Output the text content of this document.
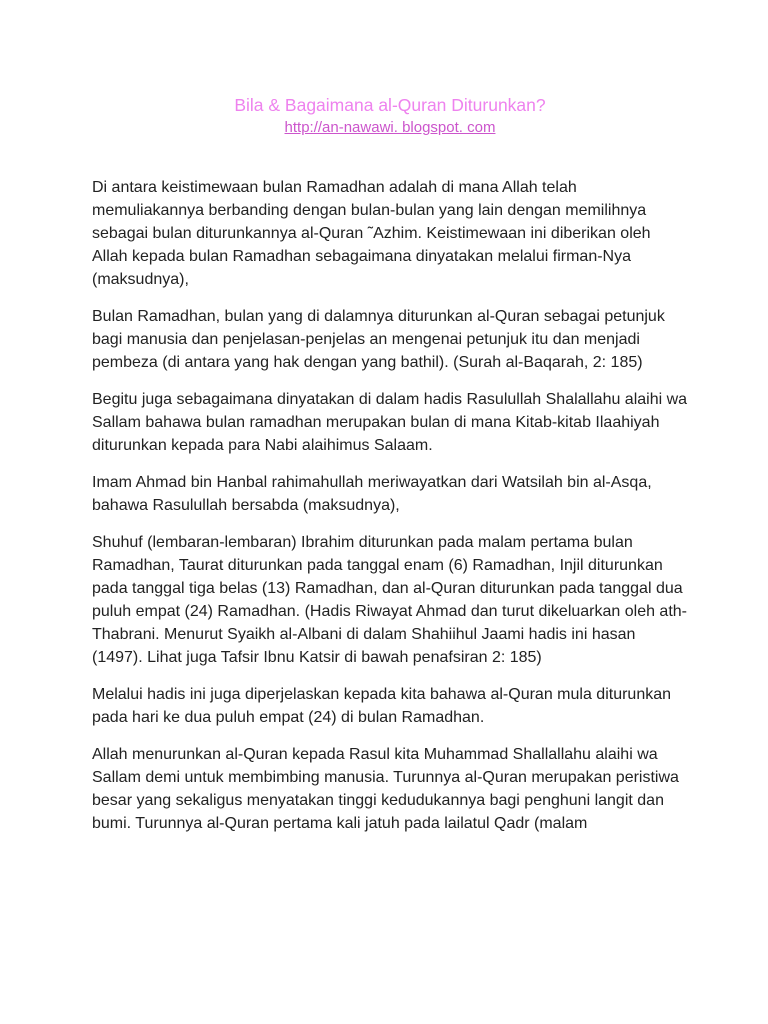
Bila & Bagaimana al-Quran Diturunkan?
http://an-nawawi. blogspot. com

Di antara keistimewaan bulan Ramadhan adalah di mana Allah telah memuliakannya berbanding dengan bulan-bulan yang lain dengan memilihnya sebagai bulan diturunkannya al-Quran ˜Azhim. Keistimewaan ini diberikan oleh Allah kepada bulan Ramadhan sebagaimana dinyatakan melalui firman-Nya (maksudnya),

Bulan Ramadhan, bulan yang di dalamnya diturunkan al-Quran sebagai petunjuk bagi manusia dan penjelasan-penjelas an mengenai petunjuk itu dan menjadi pembeza (di antara yang hak dengan yang bathil). (Surah al-Baqarah, 2: 185)

Begitu juga sebagaimana dinyatakan di dalam hadis Rasulullah Shalallahu alaihi wa Sallam bahawa bulan ramadhan merupakan bulan di mana Kitab-kitab Ilaahiyah diturunkan kepada para Nabi alaihimus Salaam.

Imam Ahmad bin Hanbal rahimahullah meriwayatkan dari Watsilah bin al-Asqa, bahawa Rasulullah bersabda (maksudnya),

Shuhuf (lembaran-lembaran) Ibrahim diturunkan pada malam pertama bulan Ramadhan, Taurat diturunkan pada tanggal enam (6) Ramadhan, Injil diturunkan pada tanggal tiga belas (13) Ramadhan, dan al-Quran diturunkan pada tanggal dua puluh empat (24) Ramadhan. (Hadis Riwayat Ahmad dan turut dikeluarkan oleh ath-Thabrani. Menurut Syaikh al-Albani di dalam Shahiihul Jaami hadis ini hasan (1497). Lihat juga Tafsir Ibnu Katsir di bawah penafsiran 2: 185)

Melalui hadis ini juga diperjelaskan kepada kita bahawa al-Quran mula diturunkan pada hari ke dua puluh empat (24) di bulan Ramadhan.

Allah menurunkan al-Quran kepada Rasul kita Muhammad Shallallahu alaihi wa Sallam demi untuk membimbing manusia. Turunnya al-Quran merupakan peristiwa besar yang sekaligus menyatakan tinggi kedudukannya bagi penghuni langit dan bumi. Turunnya al-Quran pertama kali jatuh pada lailatul Qadr (malam
